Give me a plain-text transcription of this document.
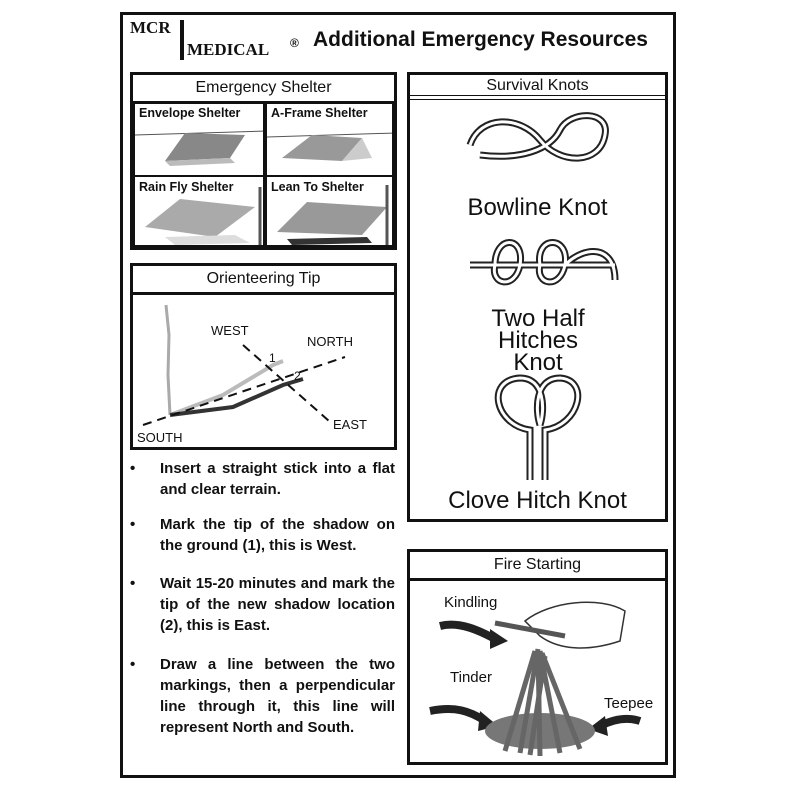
MCR
MEDICAL ® Additional Emergency Resources
Emergency Shelter
Envelope Shelter A-Frame Shelter
Rain Fly Shelter	Lean To Shelter
Orienteering Tip
WEST
NORTH
EAST
SOUTH
1
2
• Insert a straight stick into a flat and clear terrain.
• Mark the tip of the shadow on the ground (1), this is West.
• Wait 15-20 minutes and mark the tip of the new shadow location (2), this is East.
• Draw a line between the two markings, then a perpendicular line through it, this line will represent North and South.
Survival Knots
Bowline Knot
Two Half Hitches Knot
Clove Hitch Knot
Fire Starting
Kindling
Tinder
Teepee
